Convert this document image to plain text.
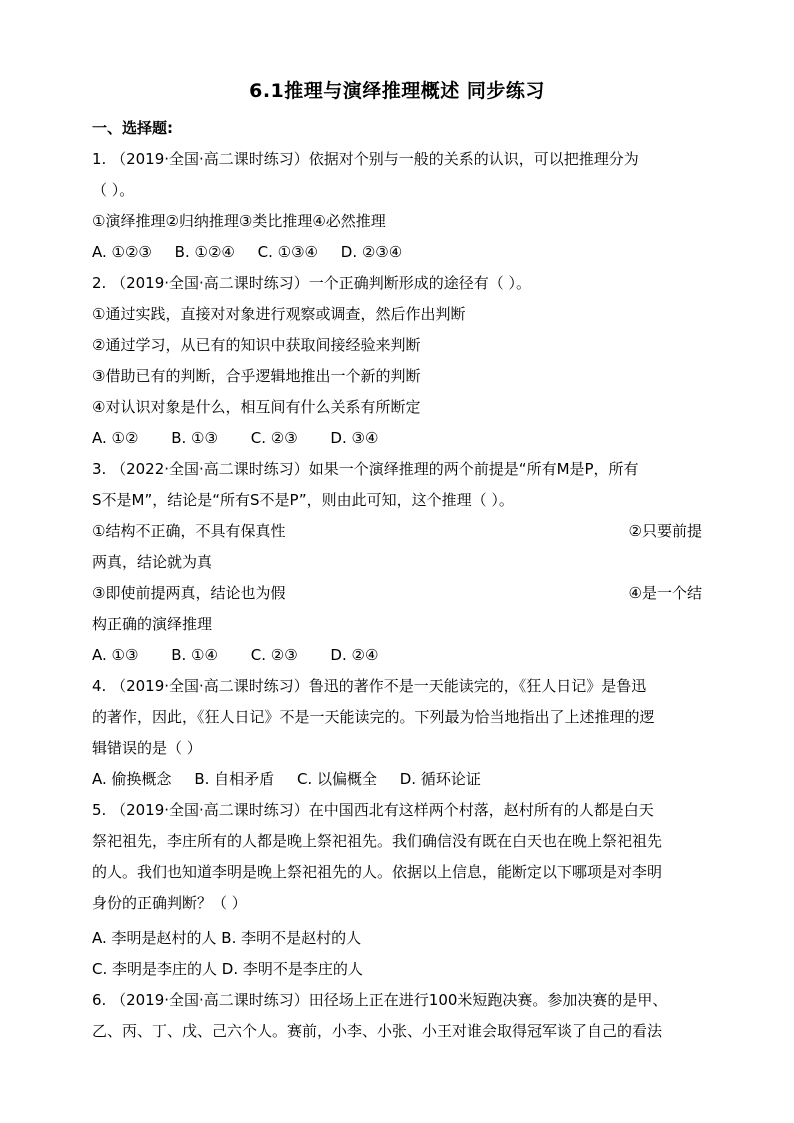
6.1推理与演绎推理概述 同步练习
一、选择题:
1. （2019·全国·高二课时练习）依据对个别与一般的关系的认识，可以把推理分为
（ ）。
①演绎推理②归纳推理③类比推理④必然推理
A. ①②③ B. ①②④ C. ①③④ D. ②③④
2. （2019·全国·高二课时练习）一个正确判断形成的途径有（ ）。
①通过实践，直接对对象进行观察或调查，然后作出判断
②通过学习，从已有的知识中获取间接经验来判断
③借助已有的判断，合乎逻辑地推出一个新的判断
④对认识对象是什么，相互间有什么关系有所断定
A. ①② B. ①③ C. ②③ D. ③④
3. （2022·全国·高二课时练习）如果一个演绎推理的两个前提是“所有M是P，所有
S不是M”，结论是“所有S不是P”，则由此可知，这个推理（ ）。
①结构不正确，不具有保真性	②只要前提
两真，结论就为真
③即使前提两真，结论也为假	④是一个结
构正确的演绎推理
A. ①③ B. ①④ C. ②③ D. ②④
4. （2019·全国·高二课时练习）鲁迅的著作不是一天能读完的，《狂人日记》是鲁迅
的著作，因此，《狂人日记》不是一天能读完的。下列最为恰当地指出了上述推理的逻
辑错误的是（ ）
A. 偷换概念 B. 自相矛盾 C. 以偏概全 D. 循环论证
5. （2019·全国·高二课时练习）在中国西北有这样两个村落，赵村所有的人都是白天
祭祀祖先，李庄所有的人都是晚上祭祀祖先。我们确信没有既在白天也在晚上祭祀祖先
的人。我们也知道李明是晚上祭祀祖先的人。依据以上信息，能断定以下哪项是对李明
身份的正确判断？（ ）
A. 李明是赵村的人 B. 李明不是赵村的人
C. 李明是李庄的人 D. 李明不是李庄的人
6. （2019·全国·高二课时练习）田径场上正在进行100米短跑决赛。参加决赛的是甲、
乙、丙、丁、戊、己六个人。赛前，小李、小张、小王对谁会取得冠军谈了自己的看法
